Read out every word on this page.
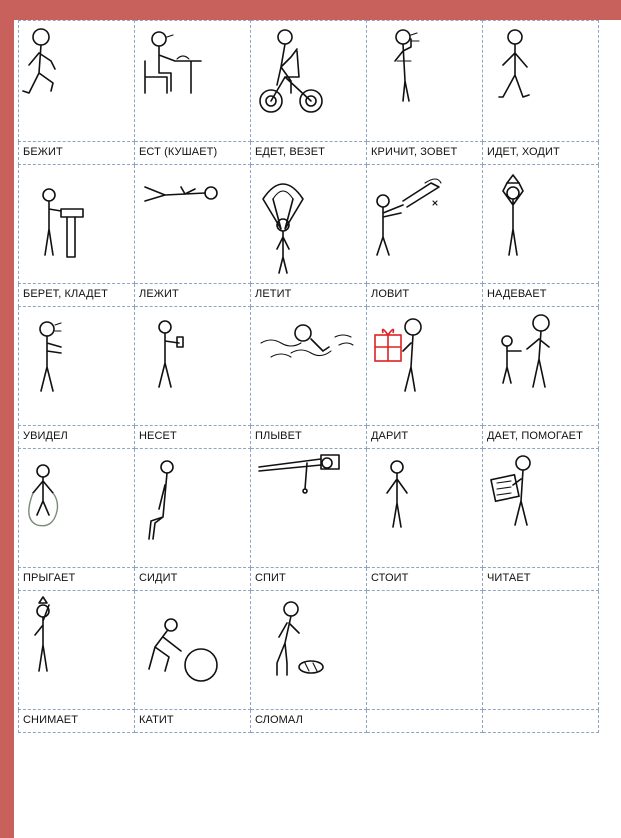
БЕЖИТ	ЕСТ (КУШАЕТ)	ЕДЕТ, ВЕЗЕТ	КРИЧИТ, ЗОВЕТ	ИДЕТ, ХОДИТ

БЕРЕТ, КЛАДЕТ	ЛЕЖИТ	ЛЕТИТ	ЛОВИТ	НАДЕВАЕТ

УВИДЕЛ	НЕСЕТ	ПЛЫВЕТ	ДАРИТ	ДАЕТ, ПОМОГАЕТ

ПРЫГАЕТ	СИДИТ	СПИТ	СТОИТ	ЧИТАЕТ

СНИМАЕТ	КАТИТ	СЛОМАЛ		
